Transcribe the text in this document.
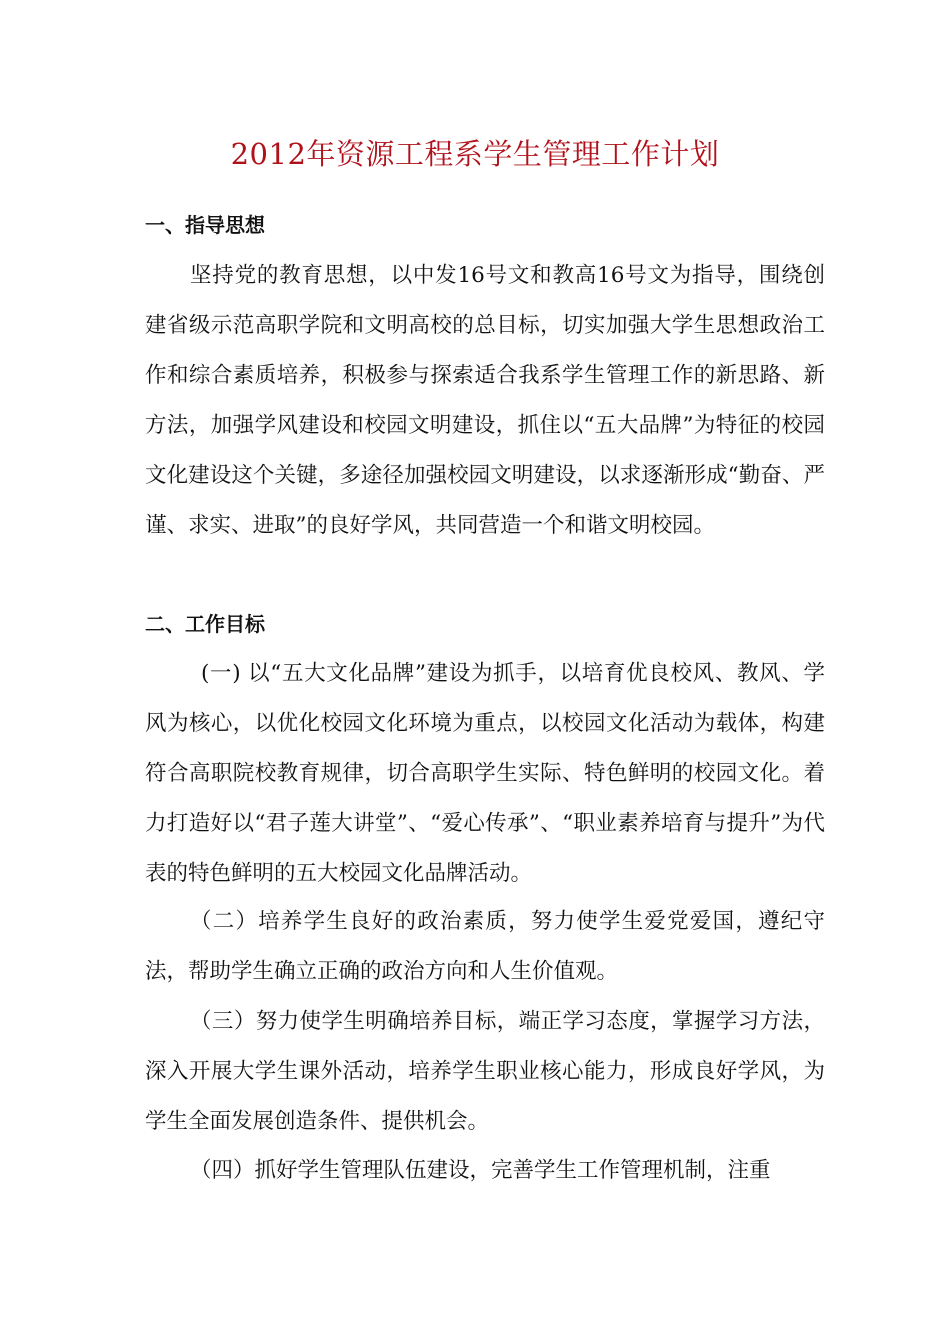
2012年资源工程系学生管理工作计划
一、指导思想
坚持党的教育思想，以中发16号文和教高16号文为指导，围绕创建省级示范高职学院和文明高校的总目标，切实加强大学生思想政治工作和综合素质培养，积极参与探索适合我系学生管理工作的新思路、新方法，加强学风建设和校园文明建设，抓住以“五大品牌”为特征的校园文化建设这个关键，多途径加强校园文明建设，以求逐渐形成“勤奋、严谨、求实、进取”的良好学风，共同营造一个和谐文明校园。
二、工作目标
(一) 以“五大文化品牌”建设为抓手，以培育优良校风、教风、学风为核心，以优化校园文化环境为重点，以校园文化活动为载体，构建符合高职院校教育规律，切合高职学生实际、特色鲜明的校园文化。着力打造好以“君子莲大讲堂”、“爱心传承”、“职业素养培育与提升”为代表的特色鲜明的五大校园文化品牌活动。
（二）培养学生良好的政治素质，努力使学生爱党爱国，遵纪守法，帮助学生确立正确的政治方向和人生价值观。
（三）努力使学生明确培养目标，端正学习态度，掌握学习方法，深入开展大学生课外活动，培养学生职业核心能力，形成良好学风，为学生全面发展创造条件、提供机会。
（四）抓好学生管理队伍建设，完善学生工作管理机制，注重
